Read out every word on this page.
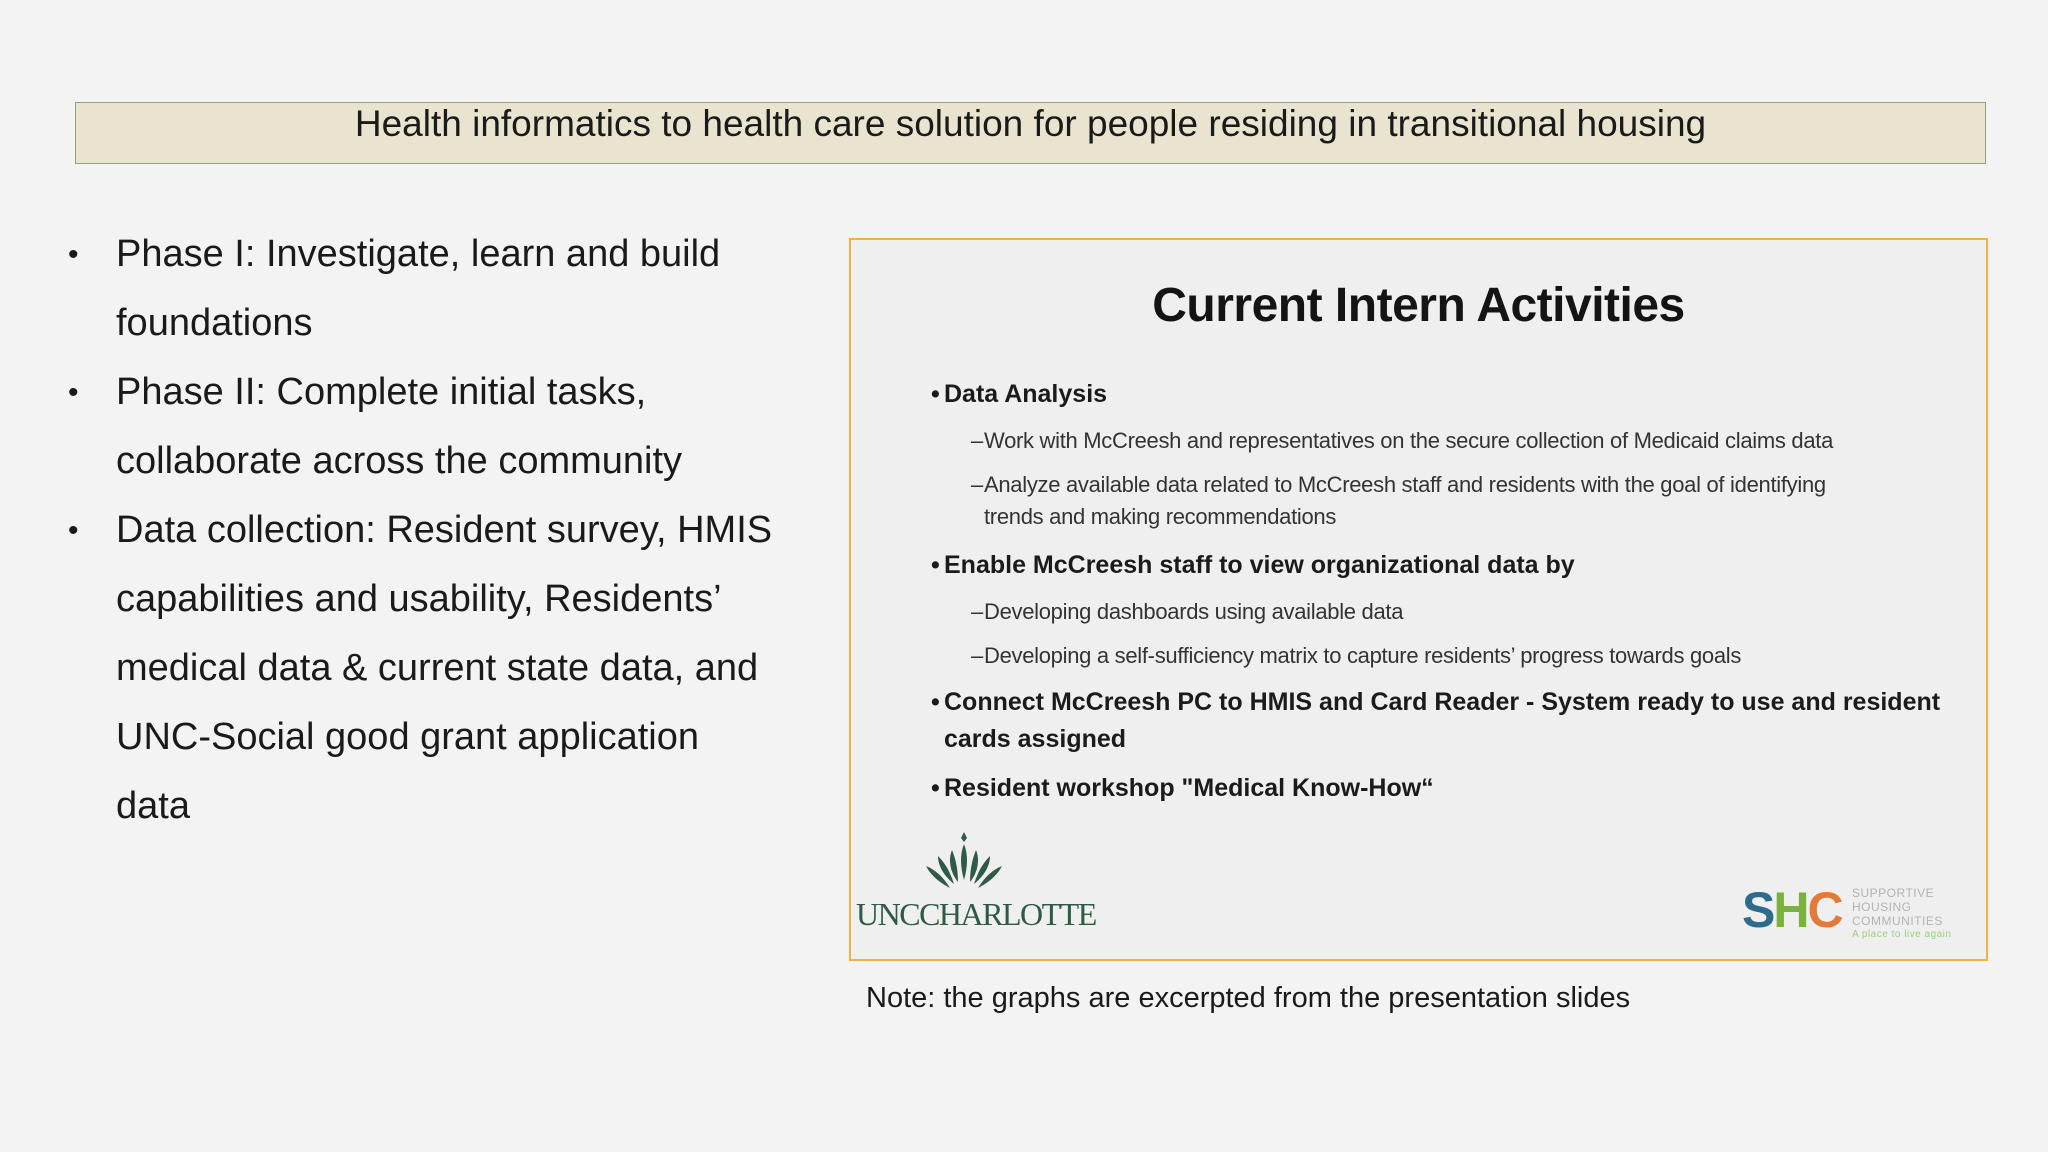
Health informatics to health care solution for people residing in transitional housing
• Phase I: Investigate, learn and build
foundations
• Phase II: Complete initial tasks,
collaborate across the community
• Data collection: Resident survey, HMIS
capabilities and usability, Residents’
medical data & current state data, and
UNC-Social good grant application
data
Current Intern Activities
• Data Analysis
– Work with McCreesh and representatives on the secure collection of Medicaid claims data
– Analyze available data related to McCreesh staff and residents with the goal of identifying
trends and making recommendations
• Enable McCreesh staff to view organizational data by
– Developing dashboards using available data
– Developing a self-sufficiency matrix to capture residents’ progress towards goals
• Connect McCreesh PC to HMIS and Card Reader - System ready to use and resident
cards assigned
• Resident workshop "Medical Know-How“
UNCCHARLOTTE	SHC SUPPORTIVE
HOUSING
COMMUNITIES
A place to live again
Note: the graphs are excerpted from the presentation slides
